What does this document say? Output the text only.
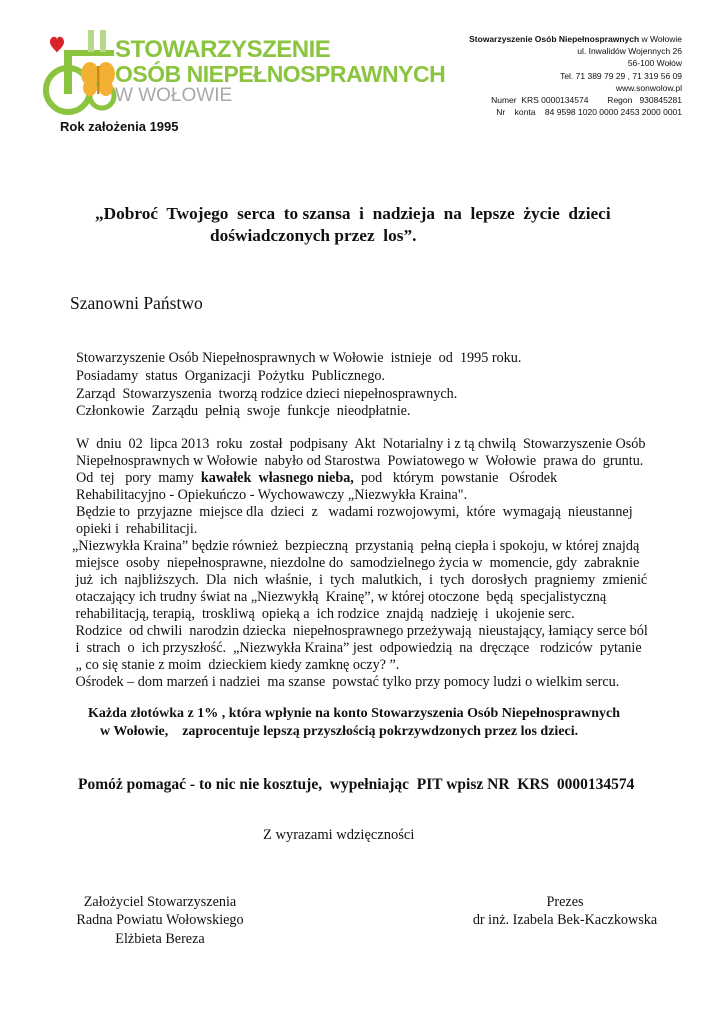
STOWARZYSZENIE
OSÓB NIEPEŁNOSPRAWNYCH
W WOŁOWIE
Rok założenia 1995
Stowarzyszenie Osób Niepełnosprawnych w Wołowie
ul. Inwalidów Wojennych 26
56-100 Wołów
Tel. 71 389 79 29 , 71 319 56 09
www.sonwolow.pl
Numer  KRS 0000134574        Regon   930845281
Nr    konta    84 9598 1020 0000 2453 2000 0001
„Dobroć  Twojego  serca  to szansa  i  nadzieja  na  lepsze  życie  dzieci
doświadczonych przez  los”.
Szanowni Państwo
Stowarzyszenie Osób Niepełnosprawnych w Wołowie  istnieje  od  1995 roku.
Posiadamy  status  Organizacji  Pożytku  Publicznego.
Zarząd  Stowarzyszenia  tworzą rodzice dzieci niepełnosprawnych.
Członkowie  Zarządu  pełnią  swoje  funkcje  nieodpłatnie.
W  dniu  02  lipca 2013  roku  został  podpisany  Akt  Notarialny i z tą chwilą  Stowarzyszenie Osób
Niepełnosprawnych w Wołowie  nabyło od Starostwa  Powiatowego w  Wołowie  prawa do  gruntu.
Od  tej   pory  mamy  kawałek  własnego nieba,  pod   którym  powstanie   Ośrodek
Rehabilitacyjno - Opiekuńczo - Wychowawczy „Niezwykła Kraina".
Będzie to  przyjazne  miejsce dla  dzieci  z   wadami rozwojowymi,  które  wymagają  nieustannej
opieki i  rehabilitacji.
„Niezwykła Kraina” będzie również  bezpieczną  przystanią  pełną ciepła i spokoju, w której znajdą
miejsce  osoby  niepełnosprawne, niezdolne do  samodzielnego życia w  momencie, gdy  zabraknie
już  ich  najbliższych.  Dla  nich  właśnie,  i  tych  malutkich,  i  tych  dorosłych  pragniemy  zmienić
otaczający ich trudny świat na „Niezwykłą  Krainę”, w której otoczone  będą  specjalistyczną
rehabilitacją, terapią,  troskliwą  opieką a  ich rodzice  znajdą  nadzieję  i  ukojenie serc.
Rodzice  od chwili  narodzin dziecka  niepełnosprawnego przeżywają  nieustający, łamiący serce ból
i  strach  o  ich przyszłość.  „Niezwykła Kraina” jest  odpowiedzią  na  dręczące   rodziców  pytanie
„ co się stanie z moim  dzieckiem kiedy zamknę oczy? ”.
Ośrodek – dom marzeń i nadziei  ma szanse  powstać tylko przy pomocy ludzi o wielkim sercu.
Każda złotówka z 1% , która wpłynie na konto Stowarzyszenia Osób Niepełnosprawnych
w Wołowie,    zaprocentuje lepszą przyszłością pokrzywdzonych przez los dzieci.
Pomóż pomagać - to nic nie kosztuje,  wypełniając  PIT wpisz NR  KRS  0000134574
Z wyrazami wdzięczności
Założyciel Stowarzyszenia
Radna Powiatu Wołowskiego
Elżbieta Bereza
Prezes
dr inż. Izabela Bek-Kaczkowska
